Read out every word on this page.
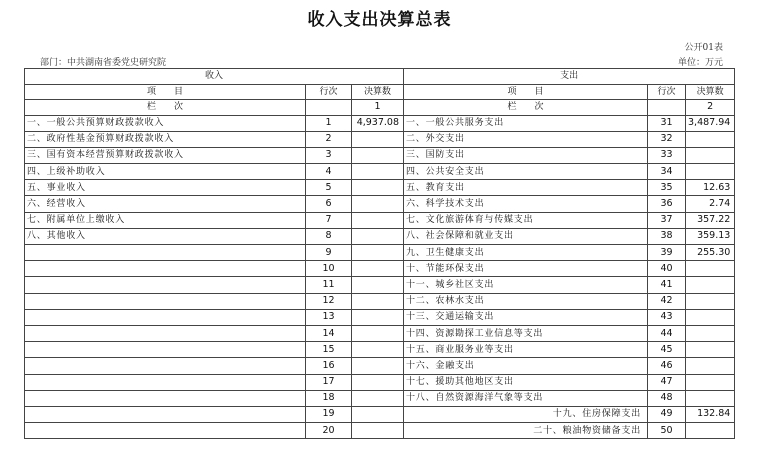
收入支出决算总表
公开01表
部门：中共湖南省委党史研究院	单位：万元
收入			支出		
项　　目	行次	决算数	项　　目	行次	决算数
栏　　次		1	栏　　次		2
一、一般公共预算财政拨款收入	1	4,937.08	一、一般公共服务支出	31	3,487.94
二、政府性基金预算财政拨款收入	2		二、外交支出	32	
三、国有资本经营预算财政拨款收入	3		三、国防支出	33	
四、上级补助收入	4		四、公共安全支出	34	
五、事业收入	5		五、教育支出	35	12.63
六、经营收入	6		六、科学技术支出	36	2.74
七、附属单位上缴收入	7		七、文化旅游体育与传媒支出	37	357.22
八、其他收入	8		八、社会保障和就业支出	38	359.13
	9		九、卫生健康支出	39	255.30
	10		十、节能环保支出	40	
	11		十一、城乡社区支出	41	
	12		十二、农林水支出	42	
	13		十三、交通运输支出	43	
	14		十四、资源勘探工业信息等支出	44	
	15		十五、商业服务业等支出	45	
	16		十六、金融支出	46	
	17		十七、援助其他地区支出	47	
	18		十八、自然资源海洋气象等支出	48	
	19		十九、住房保障支出	49	132.84
	20		二十、粮油物资储备支出	50	
